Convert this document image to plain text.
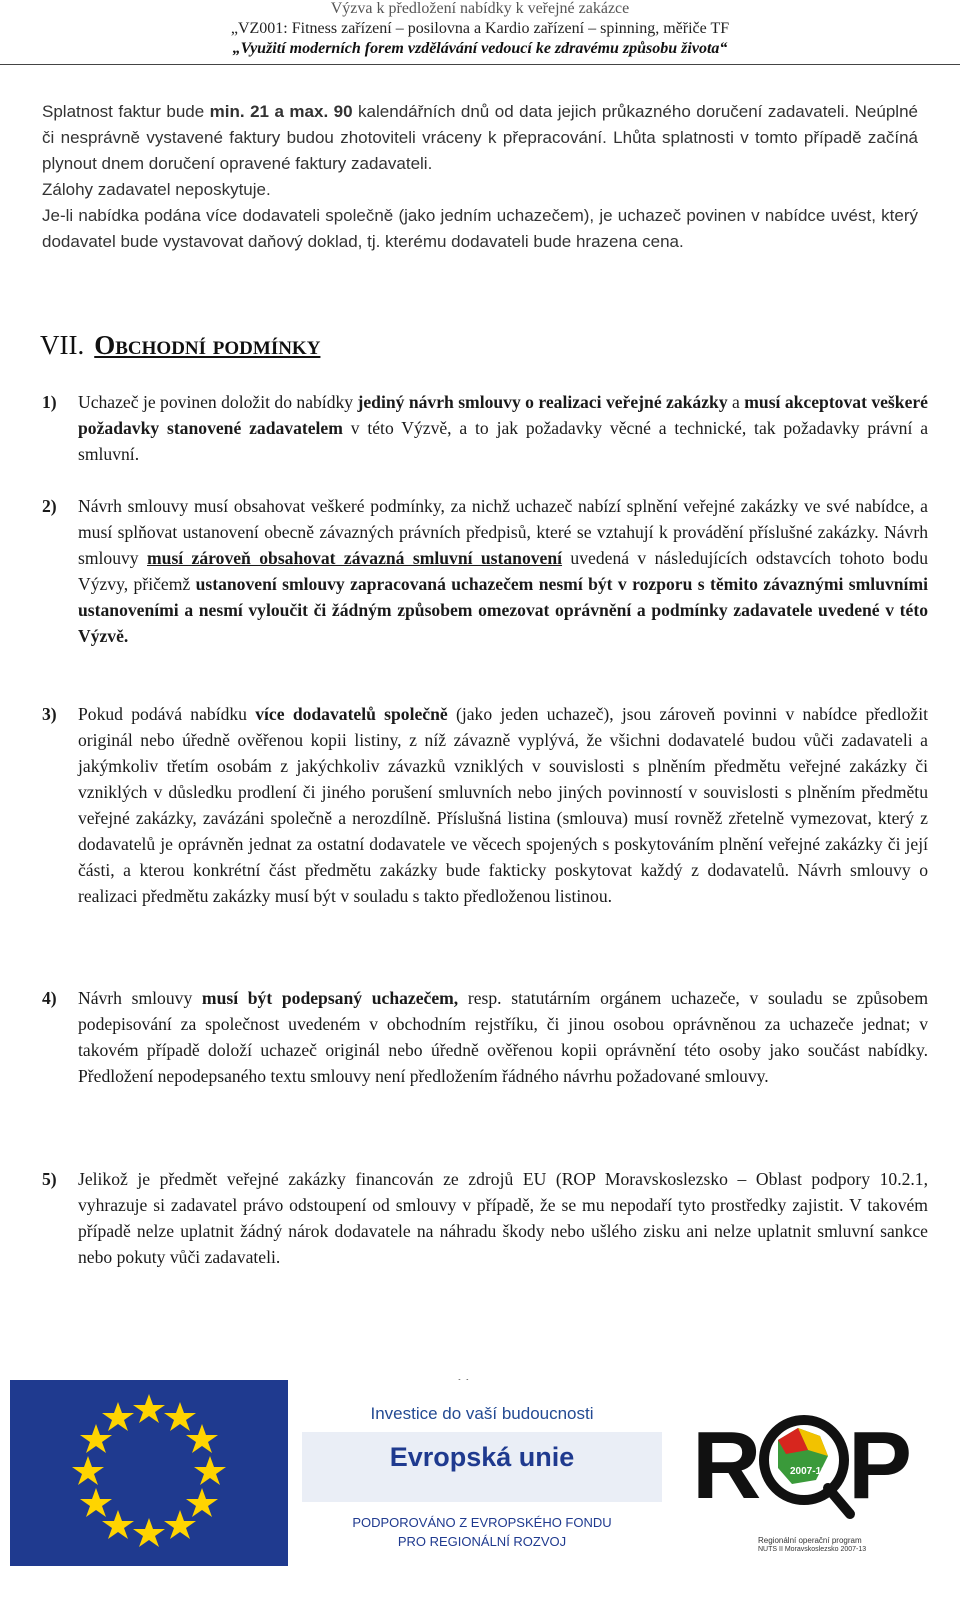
Výzva k předložení nabídky k veřejné zakázce
„VZ001: Fitness zařízení – posilovna a Kardio zařízení – spinning, měřiče TF
„Využití moderních forem vzdělávání vedoucí ke zdravému způsobu života“

Splatnost faktur bude min. 21 a max. 90 kalendářních dnů od data jejich průkazného doručení zadavateli. Neúplné či nesprávně vystavené faktury budou zhotoviteli vráceny k přepracování. Lhůta splatnosti v tomto případě začíná plynout dnem doručení opravené faktury zadavateli.

Zálohy zadavatel neposkytuje.

Je-li nabídka podána více dodavateli společně (jako jedním uchazečem), je uchazeč povinen v nabídce uvést, který dodavatel bude vystavovat daňový doklad, tj. kterému dodavateli bude hrazena cena.

VII. Obchodní podmínky
1) Uchazeč je povinen doložit do nabídky jediný návrh smlouvy o realizaci veřejné zakázky a musí akceptovat veškeré požadavky stanovené zadavatelem v této Výzvě, a to jak požadavky věcné a technické, tak požadavky právní a smluvní.
2) Návrh smlouvy musí obsahovat veškeré podmínky, za nichž uchazeč nabízí splnění veřejné zakázky ve své nabídce, a musí splňovat ustanovení obecně závazných právních předpisů, které se vztahují k provádění příslušné zakázky. Návrh smlouvy musí zároveň obsahovat závazná smluvní ustanovení uvedená v následujících odstavcích tohoto bodu Výzvy, přičemž ustanovení smlouvy zapracovaná uchazečem nesmí být v rozporu s těmito závaznými smluvními ustanoveními a nesmí vyloučit či žádným způsobem omezovat oprávnění a podmínky zadavatele uvedené v této Výzvě.
3) Pokud podává nabídku více dodavatelů společně (jako jeden uchazeč), jsou zároveň povinni v nabídce předložit originál nebo úředně ověřenou kopii listiny, z níž závazně vyplývá, že všichni dodavatelé budou vůči zadavateli a jakýmkoliv třetím osobám z jakýchkoliv závazků vzniklých v souvislosti s plněním předmětu veřejné zakázky či vzniklých v důsledku prodlení či jiného porušení smluvních nebo jiných povinností v souvislosti s plněním předmětu veřejné zakázky, zavázáni společně a nerozdílně. Příslušná listina (smlouva) musí rovněž zřetelně vymezovat, který z dodavatelů je oprávněn jednat za ostatní dodavatele ve věcech spojených s poskytováním plnění veřejné zakázky či její části, a kterou konkrétní část předmětu zakázky bude fakticky poskytovat každý z dodavatelů. Návrh smlouvy o realizaci předmětu zakázky musí být v souladu s takto předloženou listinou.
4) Návrh smlouvy musí být podepsaný uchazečem, resp. statutárním orgánem uchazeče, v souladu se způsobem podepisování za společnost uvedeném v obchodním rejstříku, či jinou osobou oprávněnou za uchazeče jednat; v takovém případě doloží uchazeč originál nebo úředně ověřenou kopii oprávnění této osoby jako součást nabídky. Předložení nepodepsaného textu smlouvy není předložením řádného návrhu požadované smlouvy.
5) Jelikož je předmět veřejné zakázky financován ze zdrojů EU (ROP Moravskoslezsko – Oblast podpory 10.2.1, vyhrazuje si zadavatel právo odstoupení od smlouvy v případě, že se mu nepodaří tyto prostředky zajistit. V takovém případě nelze uplatnit žádný nárok dodavatele na náhradu škody nebo ušlého zisku ani nelze uplatnit smluvní sankce nebo pokuty vůči zadavateli.
Investice do vaší budoucnosti
Evropská unie
PODPOROVÁNO Z EVROPSKÉHO FONDU
PRO REGIONÁLNÍ ROZVOJ
R	2007-13 P
Regionální operační program
NUTS II Moravskoslezsko 2007-13
